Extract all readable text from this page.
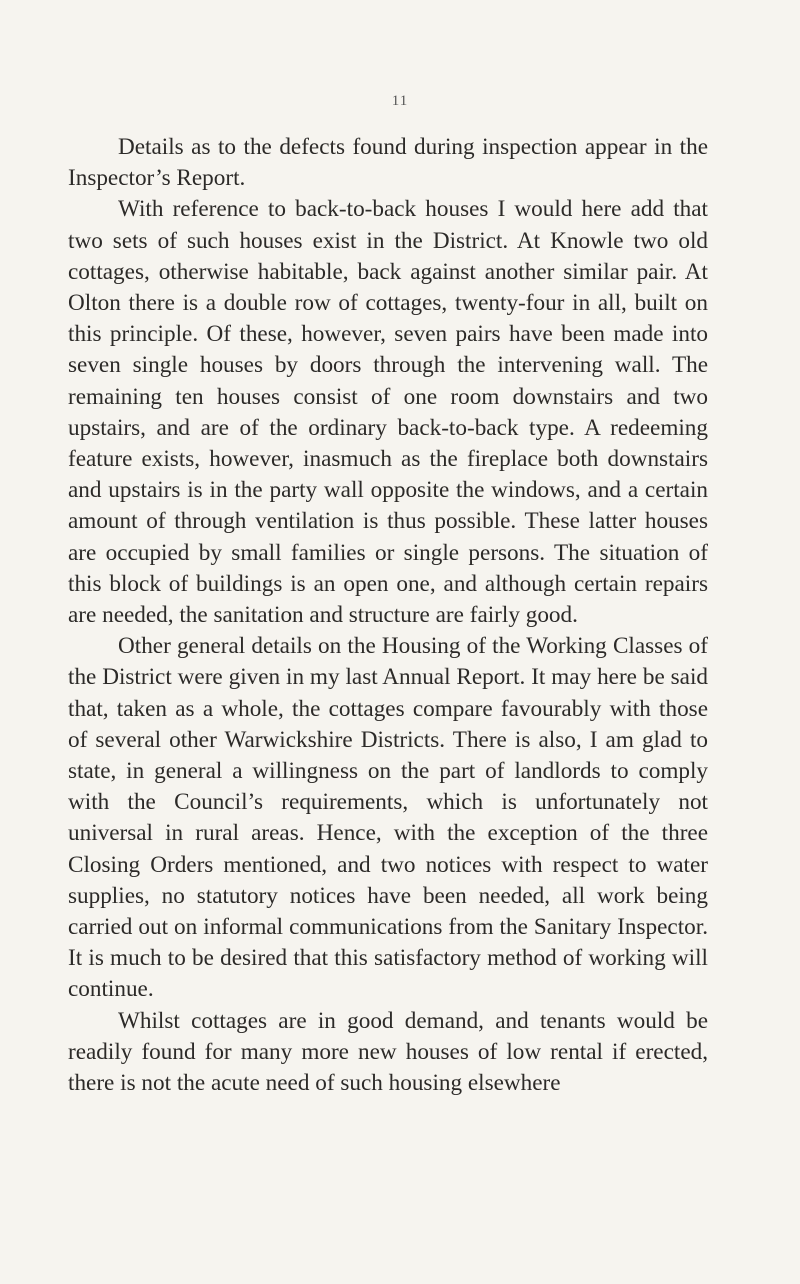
11

Details as to the defects found during inspection appear in the Inspector’s Report.

With reference to back-to-back houses I would here add that two sets of such houses exist in the District. At Knowle two old cottages, otherwise habitable, back against another similar pair. At Olton there is a double row of cottages, twenty-four in all, built on this principle. Of these, however, seven pairs have been made into seven single houses by doors through the intervening wall. The remaining ten houses consist of one room downstairs and two upstairs, and are of the ordinary back-to-back type. A redeeming feature exists, however, inasmuch as the fireplace both downstairs and upstairs is in the party wall opposite the windows, and a certain amount of through ventilation is thus possible. These latter houses are occupied by small families or single persons. The situation of this block of buildings is an open one, and although certain repairs are needed, the sanitation and structure are fairly good.

Other general details on the Housing of the Working Classes of the District were given in my last Annual Report. It may here be said that, taken as a whole, the cottages compare favourably with those of several other Warwickshire Districts. There is also, I am glad to state, in general a willingness on the part of landlords to comply with the Council’s requirements, which is unfortunately not universal in rural areas. Hence, with the exception of the three Closing Orders mentioned, and two notices with respect to water supplies, no statutory notices have been needed, all work being carried out on informal communications from the Sanitary Inspector. It is much to be desired that this satisfactory method of working will continue.

Whilst cottages are in good demand, and tenants would be readily found for many more new houses of low rental if erected, there is not the acute need of such housing elsewhere
